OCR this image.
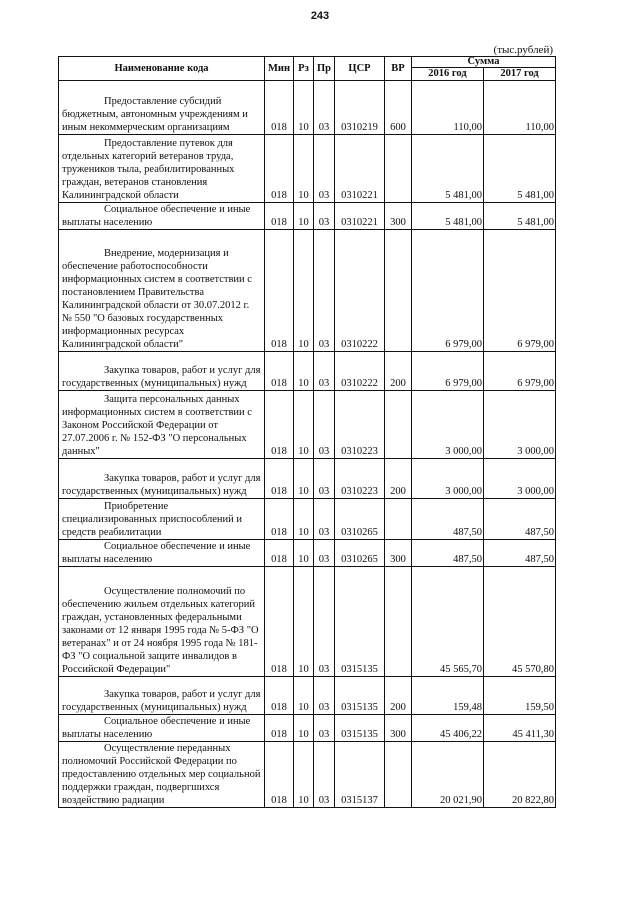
243
(тыс.рублей)
Наименование кода	Мин	Рз	Пр	ЦСР	ВР	Сумма	
						2016 год	2017 год

Предоставление субсидий бюджетным, автономным учреждениям и иным некоммерческим организациям	018	10	03	0310219	600	110,00	110,00

Предоставление путевок для отдельных категорий ветеранов труда, тружеников тыла, реабилитированных граждан, ветеранов становления Калининградской области	018	10	03	0310221		5 481,00	5 481,00

Социальное обеспечение и иные выплаты населению	018	10	03	0310221	300	5 481,00	5 481,00

Внедрение, модернизация и обеспечение работоспособности информационных систем в соответствии с постановлением Правительства Калининградской области от 30.07.2012 г. № 550 "О базовых государственных информационных ресурсах Калининградской области"	018	10	03	0310222		6 979,00	6 979,00

Закупка товаров, работ и услуг для государственных (муниципальных) нужд	018	10	03	0310222	200	6 979,00	6 979,00

Защита персональных данных информационных систем в соответствии с Законом Российской Федерации от 27.07.2006 г. № 152-ФЗ "О персональных данных"	018	10	03	0310223		3 000,00	3 000,00

Закупка товаров, работ и услуг для государственных (муниципальных) нужд	018	10	03	0310223	200	3 000,00	3 000,00

Приобретение специализированных приспособлений и средств реабилитации	018	10	03	0310265		487,50	487,50

Социальное обеспечение и иные выплаты населению	018	10	03	0310265	300	487,50	487,50

Осуществление полномочий по обеспечению жильем отдельных категорий граждан, установленных федеральными законами от 12 января 1995 года № 5-ФЗ "О ветеранах" и от 24 ноября 1995 года № 181-ФЗ "О социальной защите инвалидов в Российской Федерации"	018	10	03	0315135		45 565,70	45 570,80

Закупка товаров, работ и услуг для государственных (муниципальных) нужд	018	10	03	0315135	200	159,48	159,50

Социальное обеспечение и иные выплаты населению	018	10	03	0315135	300	45 406,22	45 411,30

Осуществление переданных полномочий Российской Федерации по предоставлению отдельных мер социальной поддержки граждан, подвергшихся воздействию радиации	018	10	03	0315137		20 021,90	20 822,80
